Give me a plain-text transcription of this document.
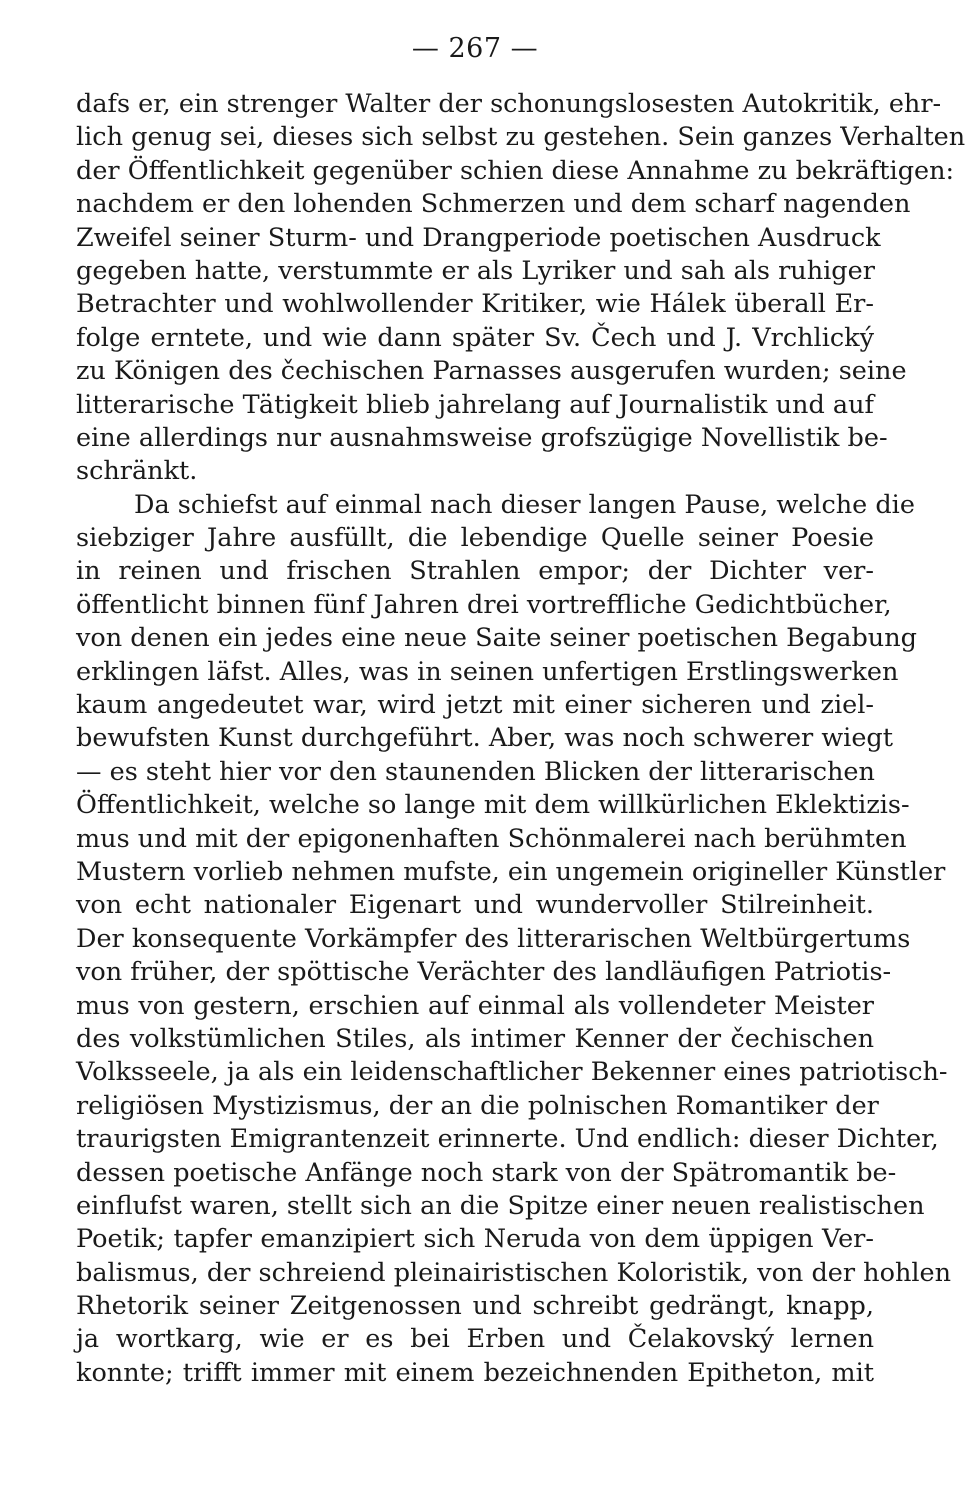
— 267 —
dafs er, ein strenger Walter der schonungslosesten Autokritik, ehr-
lich genug sei, dieses sich selbst zu gestehen. Sein ganzes Verhalten
der Öffentlichkeit gegenüber schien diese Annahme zu bekräftigen:
nachdem er den lohenden Schmerzen und dem scharf nagenden
Zweifel seiner Sturm- und Drangperiode poetischen Ausdruck
gegeben hatte, verstummte er als Lyriker und sah als ruhiger
Betrachter und wohlwollender Kritiker, wie Hálek überall Er-
folge erntete, und wie dann später Sv. Čech und J. Vrchlický
zu Königen des čechischen Parnasses ausgerufen wurden; seine
litterarische Tätigkeit blieb jahrelang auf Journalistik und auf
eine allerdings nur ausnahmsweise grofszügige Novellistik be-
schränkt.
Da schiefst auf einmal nach dieser langen Pause, welche die
siebziger Jahre ausfüllt, die lebendige Quelle seiner Poesie
in reinen und frischen Strahlen empor; der Dichter ver-
öffentlicht binnen fünf Jahren drei vortreffliche Gedichtbücher,
von denen ein jedes eine neue Saite seiner poetischen Begabung
erklingen läfst. Alles, was in seinen unfertigen Erstlingswerken
kaum angedeutet war, wird jetzt mit einer sicheren und ziel-
bewufsten Kunst durchgeführt. Aber, was noch schwerer wiegt
— es steht hier vor den staunenden Blicken der litterarischen
Öffentlichkeit, welche so lange mit dem willkürlichen Eklektizis-
mus und mit der epigonenhaften Schönmalerei nach berühmten
Mustern vorlieb nehmen mufste, ein ungemein origineller Künstler
von echt nationaler Eigenart und wundervoller Stilreinheit.
Der konsequente Vorkämpfer des litterarischen Weltbürgertums
von früher, der spöttische Verächter des landläufigen Patriotis-
mus von gestern, erschien auf einmal als vollendeter Meister
des volkstümlichen Stiles, als intimer Kenner der čechischen
Volksseele, ja als ein leidenschaftlicher Bekenner eines patriotisch-
religiösen Mystizismus, der an die polnischen Romantiker der
traurigsten Emigrantenzeit erinnerte. Und endlich: dieser Dichter,
dessen poetische Anfänge noch stark von der Spätromantik be-
einflufst waren, stellt sich an die Spitze einer neuen realistischen
Poetik; tapfer emanzipiert sich Neruda von dem üppigen Ver-
balismus, der schreiend pleinairistischen Koloristik, von der hohlen
Rhetorik seiner Zeitgenossen und schreibt gedrängt, knapp,
ja wortkarg, wie er es bei Erben und Čelakovský lernen
konnte; trifft immer mit einem bezeichnenden Epitheton, mit
